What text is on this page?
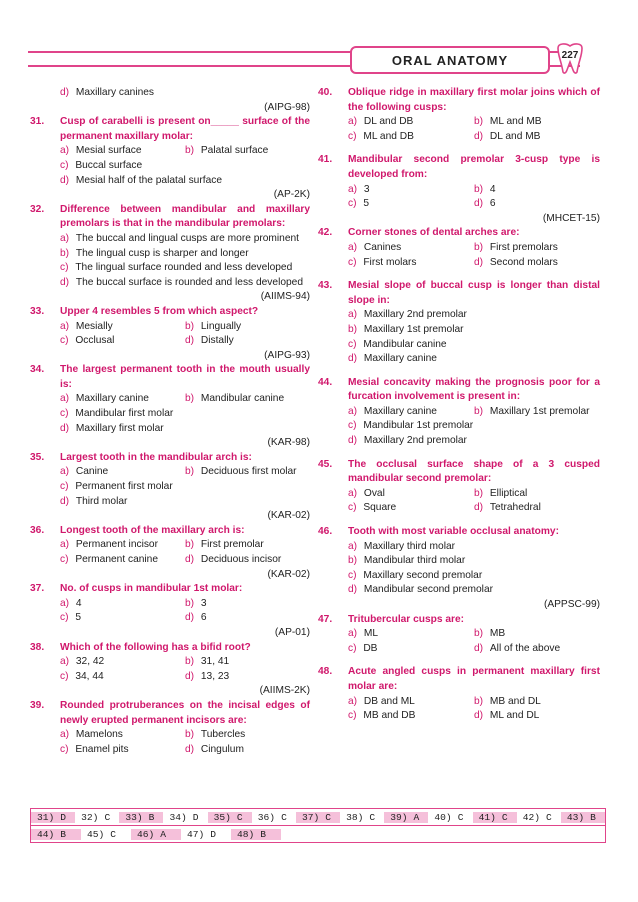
ORAL ANATOMY	227
d) Maxillary canines
(AIPG-98)
31.	Cusp of carabelli is present on_____ surface of the permanent maxillary molar:
a) Mesial surface	b) Palatal surface
c) Buccal surface
d) Mesial half of the palatal surface
(AP-2K)
32.	Difference between mandibular and maxillary premolars is that in the mandibular premolars:
a) The buccal and lingual cusps are more prominent
b) The lingual cusp is sharper and longer
c) The lingual surface rounded and less developed
d) The buccal surface is rounded and less developed
(AIIMS-94)
33.	Upper 4 resembles 5 from which aspect?
a) Mesially	b) Lingually
c) Occlusal	d) Distally
(AIPG-93)
34.	The largest permanent tooth in the mouth usually is:
a) Maxillary canine	b) Mandibular canine
c) Mandibular first molar
d) Maxillary first molar
(KAR-98)
35.	Largest tooth in the mandibular arch is:
a) Canine	b) Deciduous first molar
c) Permanent first molar
d) Third molar
(KAR-02)
36.	Longest tooth of the maxillary arch is:
a) Permanent incisor	b) First premolar
c) Permanent canine	d) Deciduous incisor
(KAR-02)
37.	No. of cusps in mandibular 1st molar:
a) 4	b) 3
c) 5	d) 6
(AP-01)
38.	Which of the following has a bifid root?
a) 32, 42	b) 31, 41
c) 34, 44	d) 13, 23
(AIIMS-2K)
39.	Rounded protruberances on the incisal edges of newly erupted permanent incisors are:
a) Mamelons	b) Tubercles
c) Enamel pits	d) Cingulum
40.	Oblique ridge in maxillary first molar joins which of the following cusps:
a) DL and DB	b) ML and MB
c) ML and DB	d) DL and MB
41.	Mandibular second premolar 3-cusp type is developed from:
a) 3	b) 4
c) 5	d) 6
(MHCET-15)
42.	Corner stones of dental arches are:
a) Canines	b) First premolars
c) First molars	d) Second molars
43.	Mesial slope of buccal cusp is longer than distal slope in:
a) Maxillary 2nd premolar
b) Maxillary 1st premolar
c) Mandibular canine
d) Maxillary canine
44.	Mesial concavity making the prognosis poor for a furcation involvement is present in:
a) Maxillary canine	b) Maxillary 1st premolar
c) Mandibular 1st premolar
d) Maxillary 2nd premolar
45.	The occlusal surface shape of a 3 cusped mandibular second premolar:
a) Oval	b) Elliptical
c) Square	d) Tetrahedral
46.	Tooth with most variable occlusal anatomy:
a) Maxillary third molar
b) Mandibular third molar
c) Maxillary second premolar
d) Mandibular second premolar
(APPSC-99)
47.	Tritubercular cusps are:
a) ML	b) MB
c) DB	d) All of the above
48.	Acute angled cusps in permanent maxillary first molar are:
a) DB and ML	b) MB and DL
c) MB and DB	d) ML and DL
31) D	32) C	33) B	34) D	35) C	36) C	37) C	38) C	39) A	40) C	41) C	42) C	43) B
44) B	45) C	46) A	47) D	48) B
